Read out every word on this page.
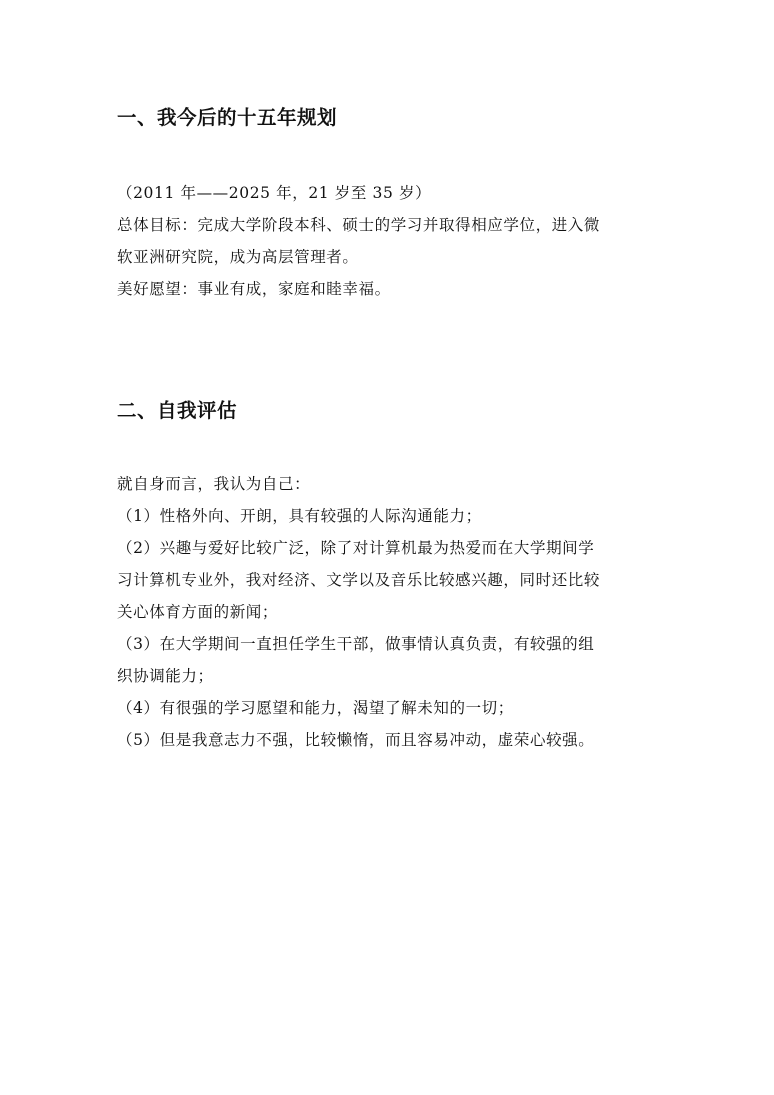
一、我今后的十五年规划

（2011 年——2025 年，21 岁至 35 岁）

总体目标：完成大学阶段本科、硕士的学习并取得相应学位，进入微

软亚洲研究院，成为高层管理者。

美好愿望：事业有成，家庭和睦幸福。

二、自我评估

就自身而言，我认为自己：

（1）性格外向、开朗，具有较强的人际沟通能力；

（2）兴趣与爱好比较广泛，除了对计算机最为热爱而在大学期间学

习计算机专业外，我对经济、文学以及音乐比较感兴趣，同时还比较

关心体育方面的新闻；

（3）在大学期间一直担任学生干部，做事情认真负责，有较强的组

织协调能力；

（4）有很强的学习愿望和能力，渴望了解未知的一切；

（5）但是我意志力不强，比较懒惰，而且容易冲动，虚荣心较强。
